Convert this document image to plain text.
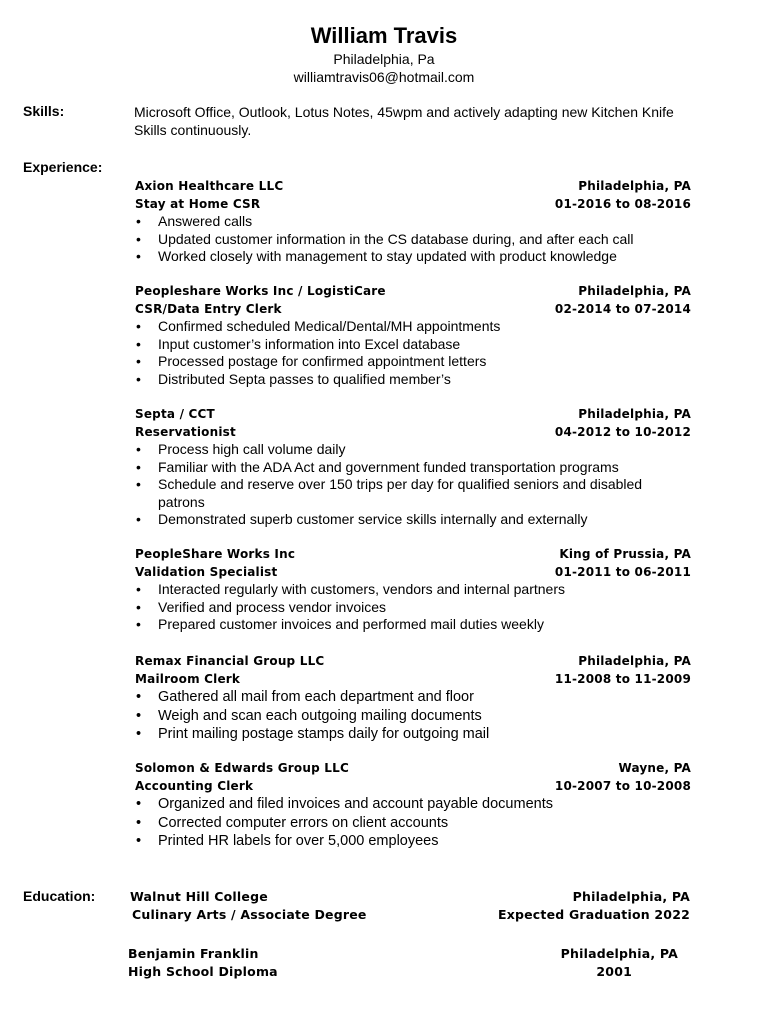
William Travis
Philadelphia, Pa
williamtravis06@hotmail.com
Skills:	Microsoft Office, Outlook, Lotus Notes, 45wpm and actively adapting new Kitchen Knife
Skills continuously.
Experience:
Axion Healthcare LLC	Philadelphia, PA
Stay at Home CSR	01-2016 to 08-2016
• Answered calls
• Updated customer information in the CS database during, and after each call
• Worked closely with management to stay updated with product knowledge
Peopleshare Works Inc / LogistiCare	Philadelphia, PA
CSR/Data Entry Clerk	02-2014 to 07-2014
• Confirmed scheduled Medical/Dental/MH appointments
• Input customer’s information into Excel database
• Processed postage for confirmed appointment letters
• Distributed Septa passes to qualified member’s
Septa / CCT	Philadelphia, PA
Reservationist	04-2012 to 10-2012
• Process high call volume daily
• Familiar with the ADA Act and government funded transportation programs
• Schedule and reserve over 150 trips per day for qualified seniors and disabled patrons
• Demonstrated superb customer service skills internally and externally
PeopleShare Works Inc	King of Prussia, PA
Validation Specialist	01-2011 to 06-2011
• Interacted regularly with customers, vendors and internal partners
• Verified and process vendor invoices
• Prepared customer invoices and performed mail duties weekly
Remax Financial Group LLC	Philadelphia, PA
Mailroom Clerk	11-2008 to 11-2009
• Gathered all mail from each department and floor
• Weigh and scan each outgoing mailing documents
• Print mailing postage stamps daily for outgoing mail
Solomon & Edwards Group LLC	Wayne, PA
Accounting Clerk	10-2007 to 10-2008
• Organized and filed invoices and account payable documents
• Corrected computer errors on client accounts
• Printed HR labels for over 5,000 employees
Education:	Walnut Hill College	Philadelphia, PA
Culinary Arts / Associate Degree	Expected Graduation 2022
Benjamin Franklin	Philadelphia, PA
High School Diploma	2001
